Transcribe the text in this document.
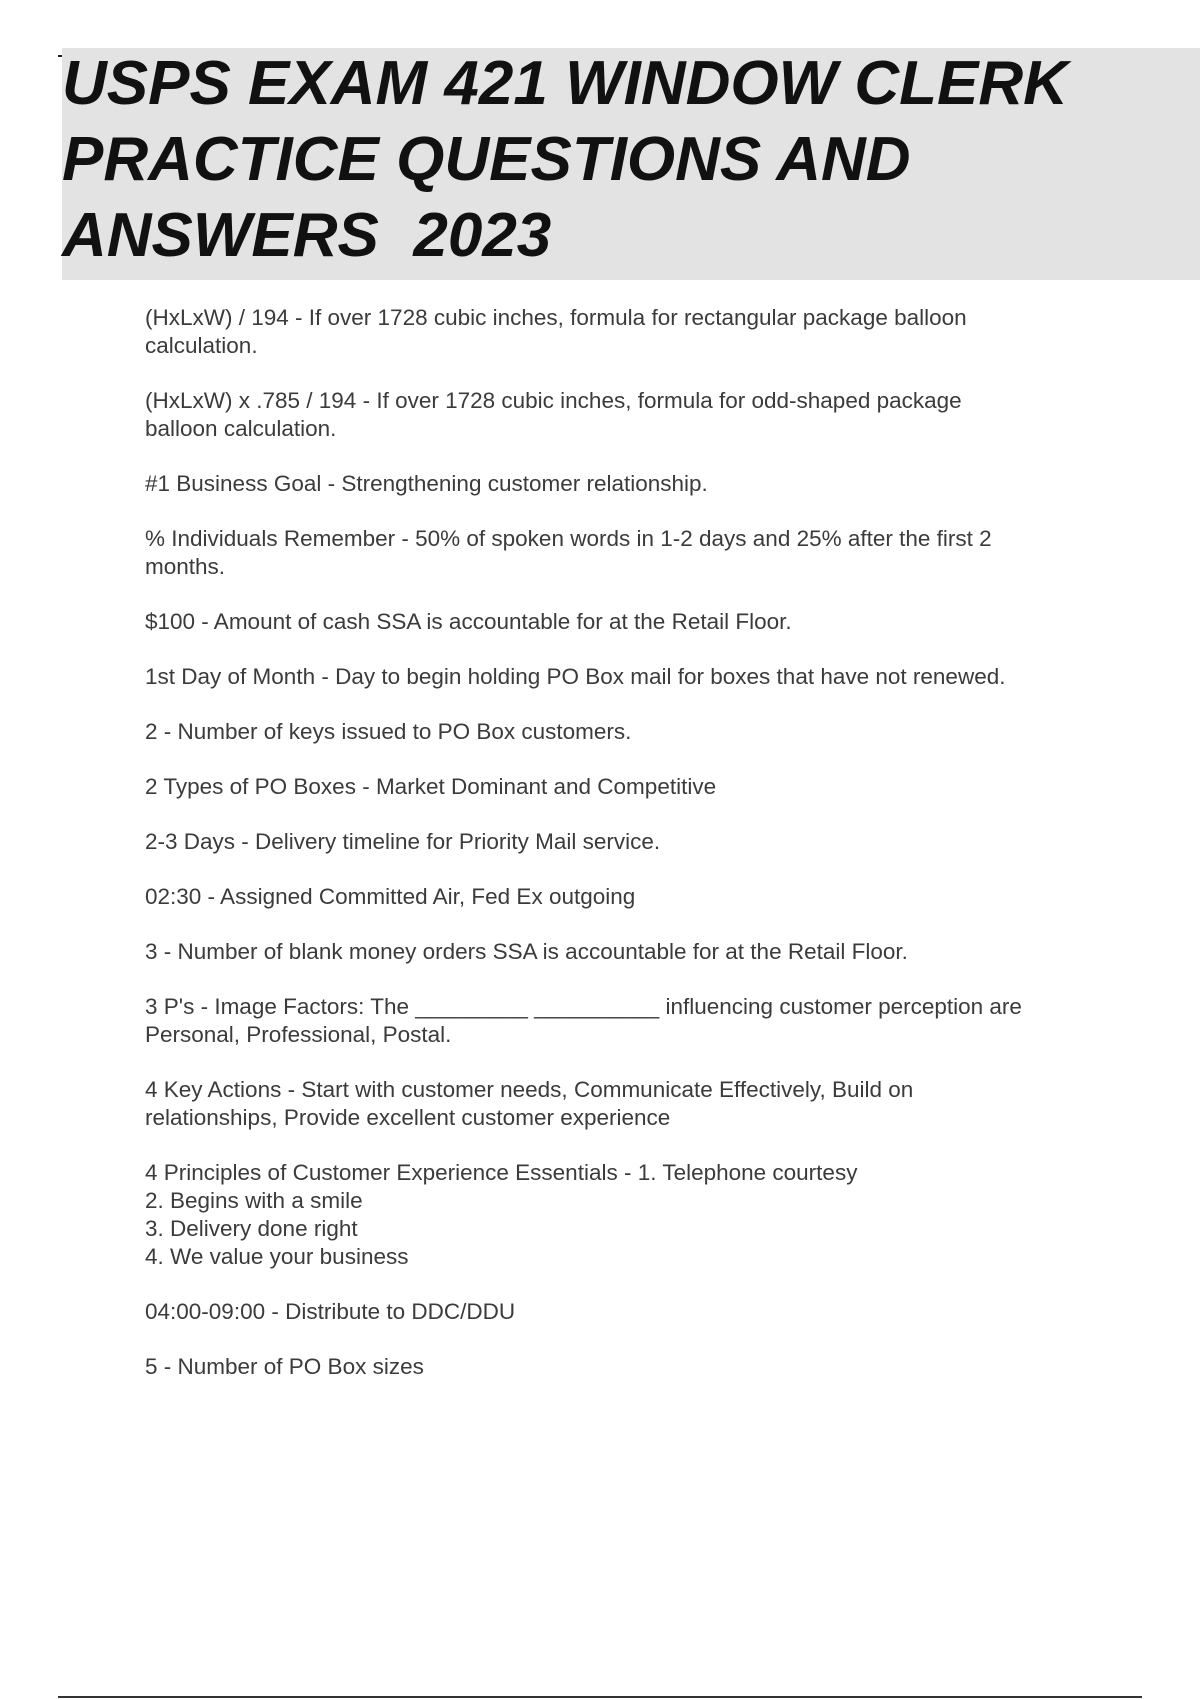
USPS EXAM 421 WINDOW CLERK
PRACTICE QUESTIONS AND
ANSWERS  2023

(HxLxW) / 194 - If over 1728 cubic inches, formula for rectangular package balloon
calculation.

(HxLxW) x .785 / 194 - If over 1728 cubic inches, formula for odd-shaped package
balloon calculation.

#1 Business Goal - Strengthening customer relationship.

% Individuals Remember - 50% of spoken words in 1-2 days and 25% after the first 2
months.

$100 - Amount of cash SSA is accountable for at the Retail Floor.

1st Day of Month - Day to begin holding PO Box mail for boxes that have not renewed.

2 - Number of keys issued to PO Box customers.

2 Types of PO Boxes - Market Dominant and Competitive

2-3 Days - Delivery timeline for Priority Mail service.

02:30 - Assigned Committed Air, Fed Ex outgoing

3 - Number of blank money orders SSA is accountable for at the Retail Floor.

3 P's - Image Factors: The _________ __________ influencing customer perception are
Personal, Professional, Postal.

4 Key Actions - Start with customer needs, Communicate Effectively, Build on
relationships, Provide excellent customer experience

4 Principles of Customer Experience Essentials - 1. Telephone courtesy
2. Begins with a smile
3. Delivery done right
4. We value your business

04:00-09:00 - Distribute to DDC/DDU

5 - Number of PO Box sizes
